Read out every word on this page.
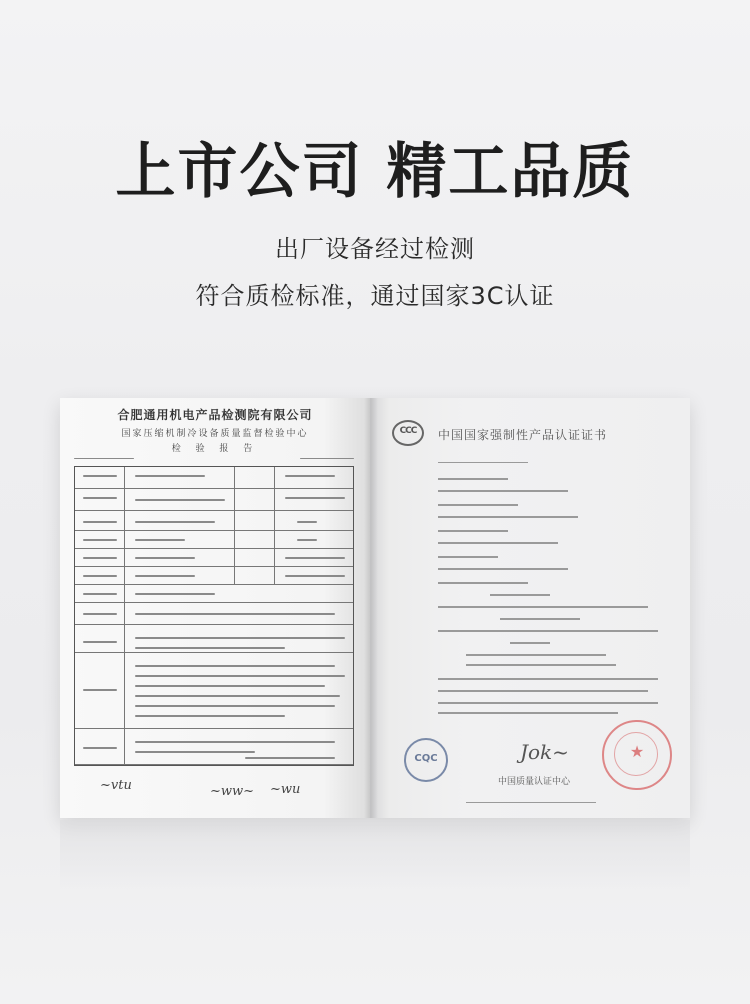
上市公司 精工品质
出厂设备经过检测
符合质检标准，通过国家3C认证
合肥通用机电产品检测院有限公司
国家压缩机制冷设备质量监督检验中心
检 验 报 告
~vtu	~ww~ ~wu
CCC	中国国家强制性产品认证证书
CQC	Jok~
中国质量认证中心
★
